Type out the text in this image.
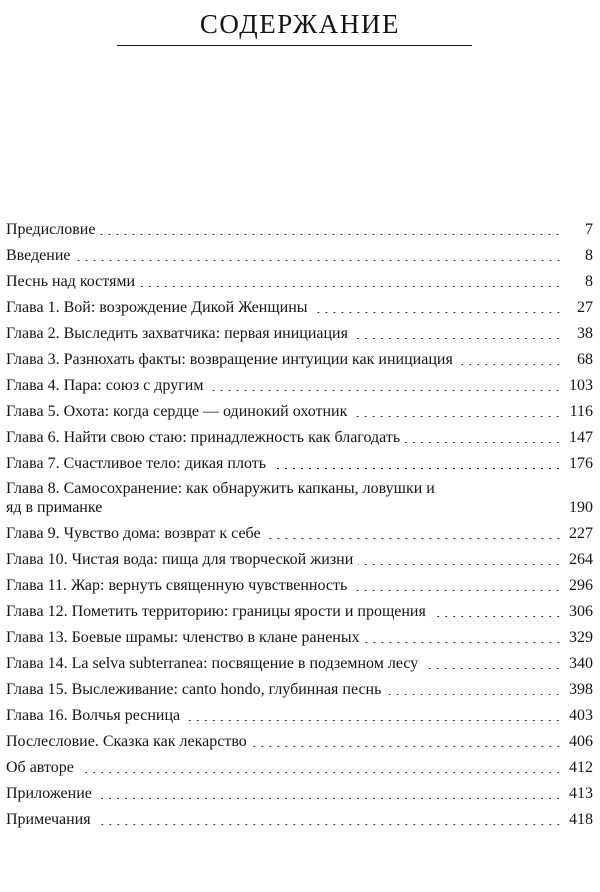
СОДЕРЖАНИЕ
Предисловие	7
Введение	8
Песнь над костями	8
Глава 1. Вой: возрождение Дикой Женщины	27
Глава 2. Выследить захватчика: первая инициация	38
Глава 3. Разнюхать факты: возвращение интуиции как инициация	68
Глава 4. Пара: союз с другим	103
Глава 5. Охота: когда сердце — одинокий охотник	116
Глава 6. Найти свою стаю: принадлежность как благодать	147
Глава 7. Счастливое тело: дикая плоть	176
Глава 8. Самосохранение: как обнаружить капканы, ловушки и яд в приманке	190
Глава 9. Чувство дома: возврат к себе	227
Глава 10. Чистая вода: пища для творческой жизни	264
Глава 11. Жар: вернуть священную чувственность	296
Глава 12. Пометить территорию: границы ярости и прощения	306
Глава 13. Боевые шрамы: членство в клане раненых	329
Глава 14. La selva subterranea: посвящение в подземном лесу	340
Глава 15. Выслеживание: canto hondo, глубинная песнь	398
Глава 16. Волчья ресница	403
Послесловие. Сказка как лекарство	406
Об авторе	412
Приложение	413
Примечания	418
